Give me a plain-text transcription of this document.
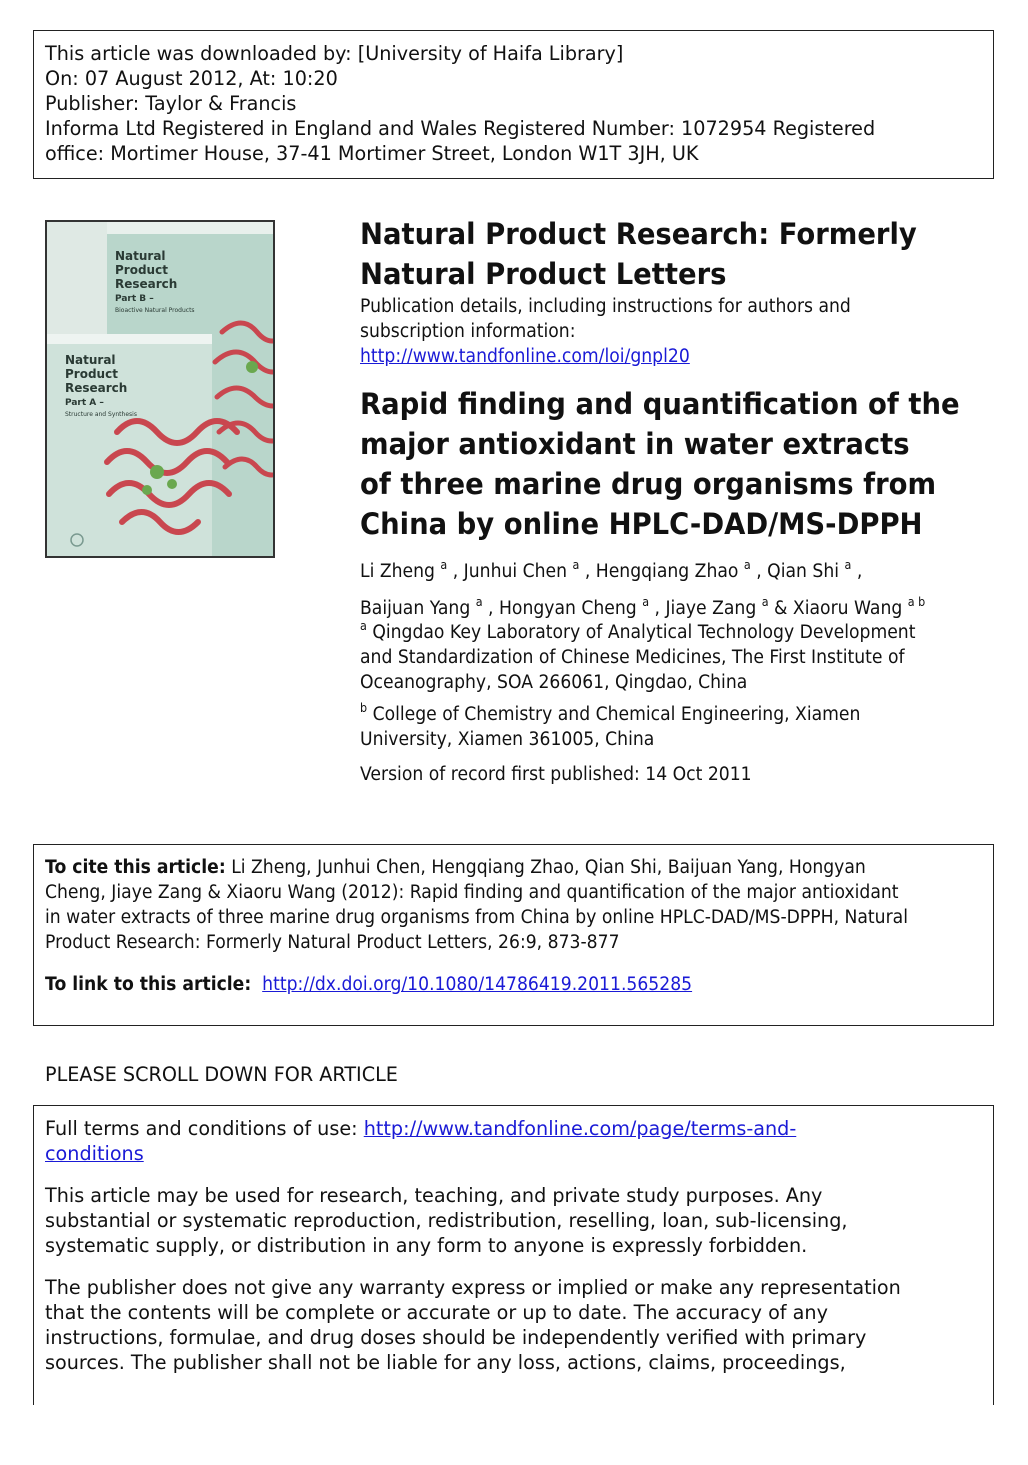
This article was downloaded by: [University of Haifa Library]
On: 07 August 2012, At: 10:20
Publisher: Taylor & Francis
Informa Ltd Registered in England and Wales Registered Number: 1072954 Registered
office: Mortimer House, 37-41 Mortimer Street, London W1T 3JH, UK
Natural
Product
Research
Part B –
Bioactive Natural Products
Natural
Product
Research
Part A –
Structure and Synthesis
Natural Product Research: Formerly
Natural Product Letters
Publication details, including instructions for authors and
subscription information:
http://www.tandfonline.com/loi/gnpl20
Rapid finding and quantification of the
major antioxidant in water extracts
of three marine drug organisms from
China by online HPLC-DAD/MS-DPPH
Li Zheng $^a$ , Junhui Chen $^a$ , Hengqiang Zhao $^a$ , Qian Shi $^a$ ,
Baijuan Yang $^a$ , Hongyan Cheng $^a$ , Jiaye Zang $^a$ & Xiaoru Wang $^{a b}$
$^a$ Qingdao Key Laboratory of Analytical Technology Development
and Standardization of Chinese Medicines, The First Institute of
Oceanography, SOA 266061, Qingdao, China
$^b$ College of Chemistry and Chemical Engineering, Xiamen
University, Xiamen 361005, China
Version of record first published: 14 Oct 2011
To cite this article: Li Zheng, Junhui Chen, Hengqiang Zhao, Qian Shi, Baijuan Yang, Hongyan
Cheng, Jiaye Zang & Xiaoru Wang (2012): Rapid finding and quantification of the major antioxidant
in water extracts of three marine drug organisms from China by online HPLC-DAD/MS-DPPH, Natural
Product Research: Formerly Natural Product Letters, 26:9, 873-877
To link to this article: http://dx.doi.org/10.1080/14786419.2011.565285
PLEASE SCROLL DOWN FOR ARTICLE

Full terms and conditions of use: http://www.tandfonline.com/page/terms-and-
conditions

This article may be used for research, teaching, and private study purposes. Any
substantial or systematic reproduction, redistribution, reselling, loan, sub-licensing,
systematic supply, or distribution in any form to anyone is expressly forbidden.

The publisher does not give any warranty express or implied or make any representation
that the contents will be complete or accurate or up to date. The accuracy of any
instructions, formulae, and drug doses should be independently verified with primary
sources. The publisher shall not be liable for any loss, actions, claims, proceedings,
